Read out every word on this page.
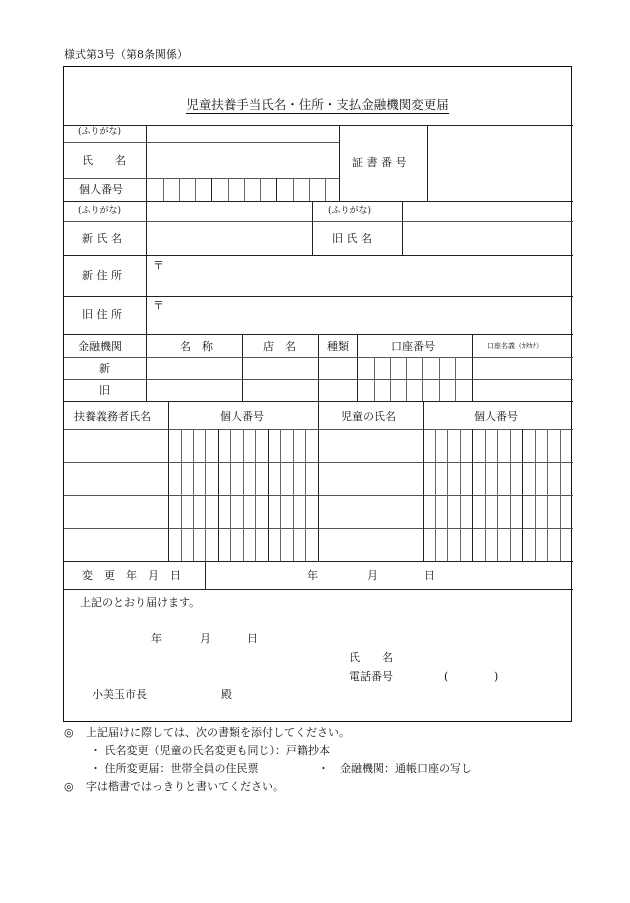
様式第3号（第8条関係）
児童扶養手当氏名・住所・支払金融機関変更届
(ふりがな)
氏　　名
個人番号
証 書 番 号
(ふりがな)	(ふりがな)
新 氏 名	旧 氏 名
新 住 所
〒
旧 住 所
〒
金融機関	名　称	店　名	種類	口座番号	口座名義（ｶﾀｶﾅ）
新
旧
扶養義務者氏名	個人番号	児童の氏名	個人番号
変　更　年　月　日	年	月	日
上記のとおり届けます。
年	月	日
氏　　名
電話番号	(	)
小美玉市長	殿
◎ 上記届けに際しては、次の書類を添付してください。
・ 氏名変更（児童の氏名変更も同じ）：戸籍抄本
・ 住所変更届：世帯全員の住民票	・　金融機関：通帳口座の写し
◎ 字は楷書ではっきりと書いてください。
